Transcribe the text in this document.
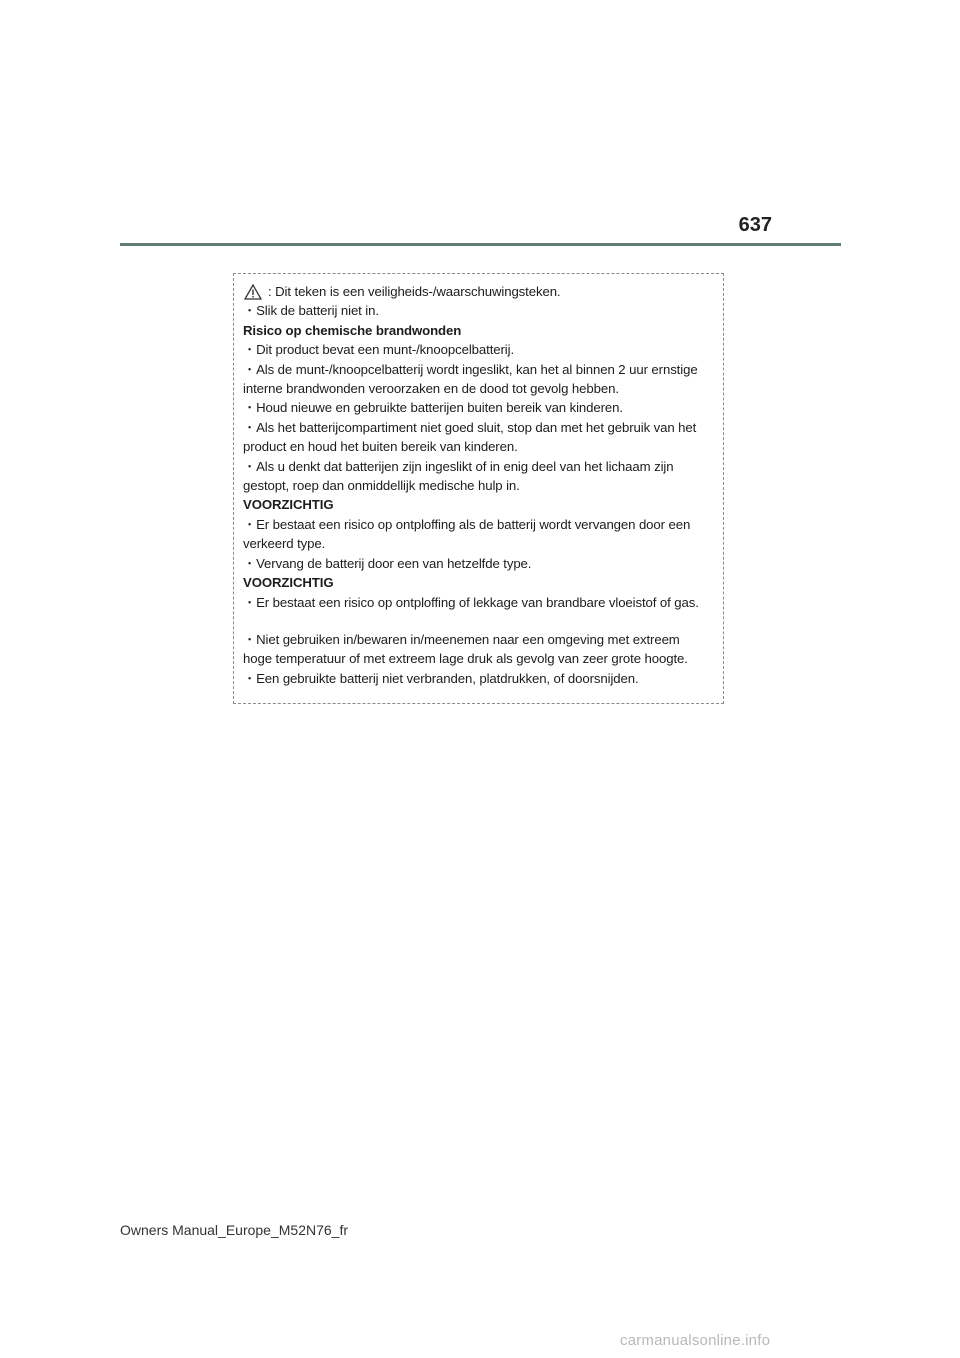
637
: Dit teken is een veiligheids-/waarschuwingsteken.
・Slik de batterij niet in.
Risico op chemische brandwonden
・Dit product bevat een munt-/knoopcelbatterij.
・Als de munt-/knoopcelbatterij wordt ingeslikt, kan het al binnen 2 uur ernstige
interne brandwonden veroorzaken en de dood tot gevolg hebben.
・Houd nieuwe en gebruikte batterijen buiten bereik van kinderen.
・Als het batterijcompartiment niet goed sluit, stop dan met het gebruik van het
product en houd het buiten bereik van kinderen.
・Als u denkt dat batterijen zijn ingeslikt of in enig deel van het lichaam zijn
gestopt, roep dan onmiddellijk medische hulp in.
VOORZICHTIG
・Er bestaat een risico op ontploffing als de batterij wordt vervangen door een
verkeerd type.
・Vervang de batterij door een van hetzelfde type.
VOORZICHTIG
・Er bestaat een risico op ontploffing of lekkage van brandbare vloeistof of gas.
・Niet gebruiken in/bewaren in/meenemen naar een omgeving met extreem
hoge temperatuur of met extreem lage druk als gevolg van zeer grote hoogte.
・Een gebruikte batterij niet verbranden, platdrukken, of doorsnijden.
Owners Manual_Europe_M52N76_fr
carmanualsonline.info
